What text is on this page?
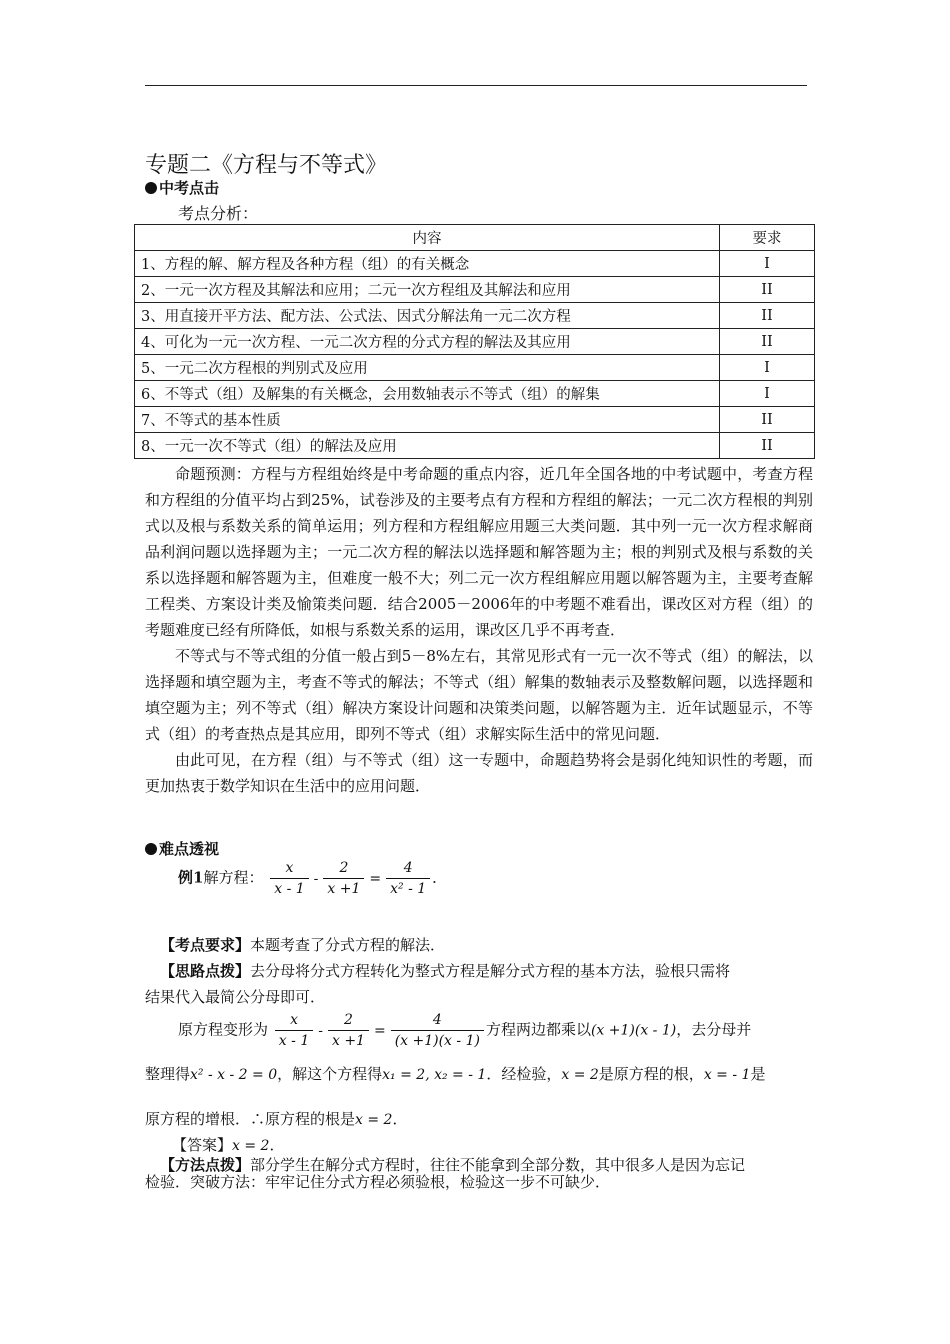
专题二《方程与不等式》
中考点击
考点分析：
内容	要求
1、方程的解、解方程及各种方程（组）的有关概念	I
2、一元一次方程及其解法和应用；二元一次方程组及其解法和应用	II
3、用直接开平方法、配方法、公式法、因式分解法角一元二次方程	II
4、可化为一元一次方程、一元二次方程的分式方程的解法及其应用	II
5、一元二次方程根的判别式及应用	I
6、不等式（组）及解集的有关概念，会用数轴表示不等式（组）的解集	I
7、不等式的基本性质	II
8、一元一次不等式（组）的解法及应用	II

命题预测：方程与方程组始终是中考命题的重点内容，近几年全国各地的中考试题中，考查方程和方程组的分值平均占到25%，试卷涉及的主要考点有方程和方程组的解法；一元二次方程根的判别式以及根与系数关系的简单运用；列方程和方程组解应用题三大类问题．其中列一元一次方程求解商品利润问题以选择题为主；一元二次方程的解法以选择题和解答题为主；根的判别式及根与系数的关系以选择题和解答题为主，但难度一般不大；列二元一次方程组解应用题以解答题为主，主要考查解工程类、方案设计类及愉策类问题．结合2005－2006年的中考题不难看出，课改区对方程（组）的考题难度已经有所降低，如根与系数关系的运用，课改区几乎不再考查．

不等式与不等式组的分值一般占到5－8%左右，其常见形式有一元一次不等式（组）的解法，以选择题和填空题为主，考查不等式的解法；不等式（组）解集的数轴表示及整数解问题，以选择题和填空题为主；列不等式（组）解决方案设计问题和决策类问题，以解答题为主．近年试题显示，不等式（组）的考查热点是其应用，即列不等式（组）求解实际生活中的常见问题．

由此可见，在方程（组）与不等式（组）这一专题中，命题趋势将会是弱化纯知识性的考题，而更加热衷于数学知识在生活中的应用问题．

难点透视
例1解方程： $\frac{x}{x - 1} - \frac{2}{x +1} = \frac{4}{\text{x² - 1}}$ ．
【考点要求】本题考查了分式方程的解法．
【思路点拨】去分母将分式方程转化为整式方程是解分式方程的基本方法，验根只需将
结果代入最简公分母即可．
原方程变形为 $\frac{x}{x - 1} - \frac{2}{x +1} = \frac{4}{(x +1)(x - 1)}$ 方程两边都乘以(x +1)(x - 1)，去分母并
整理得x² - x - 2 = 0，解这个方程得x₁ = 2, x₂ = - 1．经检验，x = 2是原方程的根，x = - 1是
原方程的增根．∴原方程的根是x = 2．
【答案】x = 2．
【方法点拨】部分学生在解分式方程时，往往不能拿到全部分数，其中很多人是因为忘记
检验．突破方法：牢牢记住分式方程必须验根，检验这一步不可缺少．
